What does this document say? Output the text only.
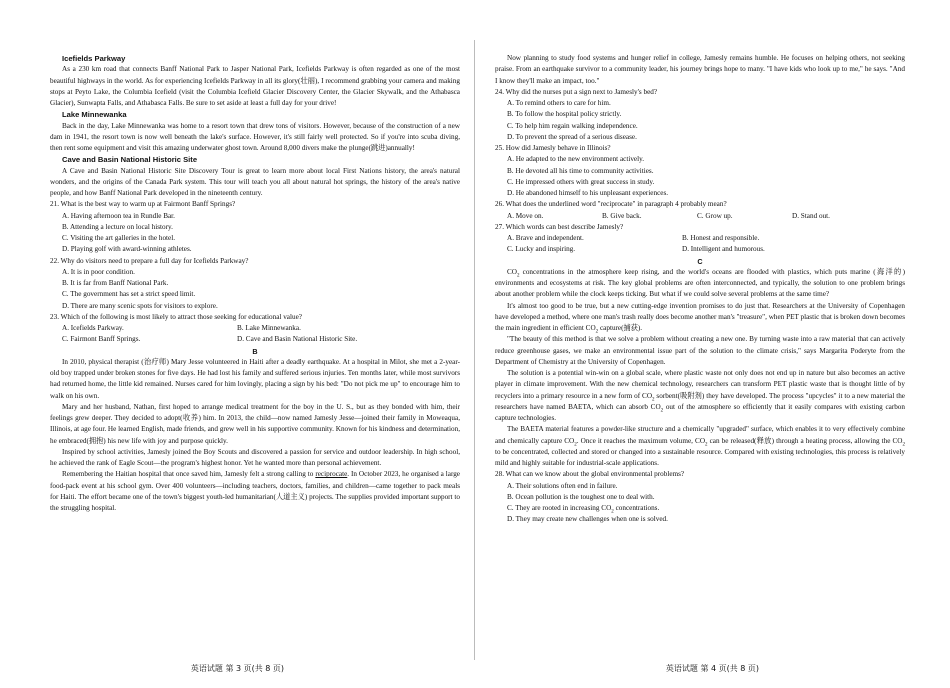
Icefields Parkway
As a 230 km road that connects Banff National Park to Jasper National Park, Icefields Parkway is often regarded as one of the most beautiful highways in the world. As for experiencing Icefields Parkway in all its glory(壮丽), I recommend grabbing your camera and making stops at Peyto Lake, the Columbia Icefield (visit the Columbia Icefield Glacier Discovery Center, the Glacier Skywalk, and the Athabasca Glacier), Sunwapta Falls, and Athabasca Falls. Be sure to set aside at least a full day for your drive!
Lake Minnewanka
Back in the day, Lake Minnewanka was home to a resort town that drew tons of visitors. However, because of the construction of a new dam in 1941, the resort town is now well beneath the lake's surface. However, it's still fairly well protected. So if you're into scuba diving, then rent some equipment and visit this amazing underwater ghost town. Around 8,000 divers make the plunge(跳进)annually!
Cave and Basin National Historic Site
A Cave and Basin National Historic Site Discovery Tour is great to learn more about local First Nations history, the area's natural wonders, and the origins of the Canada Park system. This tour will teach you all about natural hot springs, the history of the area's native people, and how Banff National Park developed in the nineteenth century.
21. What is the best way to warm up at Fairmont Banff Springs?
A. Having afternoon tea in Rundle Bar.
B. Attending a lecture on local history.
C. Visiting the art galleries in the hotel.
D. Playing golf with award-winning athletes.
22. Why do visitors need to prepare a full day for Icefields Parkway?
A. It is in poor condition.
B. It is far from Banff National Park.
C. The government has set a strict speed limit.
D. There are many scenic spots for visitors to explore.
23. Which of the following is most likely to attract those seeking for educational value?
A. Icefields Parkway.	B. Lake Minnewanka.
C. Fairmont Banff Springs.	D. Cave and Basin National Historic Site.
B
In 2010, physical therapist (治疗师) Mary Jesse volunteered in Haiti after a deadly earthquake. At a hospital in Milot, she met a 2-year-old boy trapped under broken stones for five days. He had lost his family and suffered serious injuries. Ten months later, while most survivors had returned home, the little kid remained. Nurses cared for him lovingly, placing a sign by his bed: "Do not pick me up" to encourage him to walk on his own.
Mary and her husband, Nathan, first hoped to arrange medical treatment for the boy in the U. S., but as they bonded with him, their feelings grew deeper. They decided to adopt(收养) him. In 2013, the child—now named Jamesly Jesse—joined their family in Moweaqua, Illinois, at age four. He learned English, made friends, and grew well in his supportive community. Known for his kindness and determination, he embraced(拥抱) his new life with joy and purpose quickly.
Inspired by school activities, Jamesly joined the Boy Scouts and discovered a passion for service and outdoor leadership. In high school, he achieved the rank of Eagle Scout—the program's highest honor. Yet he wanted more than personal achievement.
Remembering the Haitian hospital that once saved him, Jamesly felt a strong calling to reciprocate. In October 2023, he organised a large food-pack event at his school gym. Over 400 volunteers—including teachers, doctors, families, and children—came together to pack meals for Haiti. The effort became one of the town's biggest youth-led humanitarian(人道主义) projects. The supplies provided important support to the struggling hospital.
英语试题 第 3 页(共 8 页)
Now planning to study food systems and hunger relief in college, Jamesly remains humble. He focuses on helping others, not seeking praise. From an earthquake survivor to a community leader, his journey brings hope to many. "I have kids who look up to me," he says. "And I know they'll make an impact, too."
24. Why did the nurses put a sign next to Jamesly's bed?
A. To remind others to care for him.
B. To follow the hospital policy strictly.
C. To help him regain walking independence.
D. To prevent the spread of a serious disease.
25. How did Jamesly behave in Illinois?
A. He adapted to the new environment actively.
B. He devoted all his time to community activities.
C. He impressed others with great success in study.
D. He abandoned himself to his unpleasant experiences.
26. What does the underlined word "reciprocate" in paragraph 4 probably mean?
A. Move on.	B. Give back.	C. Grow up.	D. Stand out.
27. Which words can best describe Jamesly?
A. Brave and independent.	B. Honest and responsible.
C. Lucky and inspiring.	D. Intelligent and humorous.
C
$CO_2$ concentrations in the atmosphere keep rising, and the world's oceans are flooded with plastics, which puts marine (海洋的) environments and ecosystems at risk. The key global problems are often interconnected, and typically, the solution to one problem brings about another problem while the clock keeps ticking. But what if we could solve several problems at the same time?
It's almost too good to be true, but a new cutting-edge invention promises to do just that. Researchers at the University of Copenhagen have developed a method, where one man's trash really does become another man's "treasure", when PET plastic that is broken down becomes the main ingredient in efficient $CO_2$ capture(捕获).
"The beauty of this method is that we solve a problem without creating a new one. By turning waste into a raw material that can actively reduce greenhouse gases, we make an environmental issue part of the solution to the climate crisis," says Margarita Poderyte from the Department of Chemistry at the University of Copenhagen.
The solution is a potential win-win on a global scale, where plastic waste not only does not end up in nature but also becomes an active player in climate improvement. With the new chemical technology, researchers can transform PET plastic waste that is thought little of by recyclers into a primary resource in a new form of $CO_2$ sorbent(吸附剂) they have developed. The process "upcycles" it to a new material the researchers have named BAETA, which can absorb $CO_2$ out of the atmosphere so efficiently that it easily compares with existing carbon capture technologies.
The BAETA material features a powder-like structure and a chemically "upgraded" surface, which enables it to very effectively combine and chemically capture $CO_2$. Once it reaches the maximum volume, $CO_2$ can be released(释放) through a heating process, allowing the $CO_2$ to be concentrated, collected and stored or changed into a sustainable resource. Compared with existing technologies, this process is relatively mild and highly suitable for industrial-scale applications.
28. What can we know about the global environmental problems?
A. Their solutions often end in failure.
B. Ocean pollution is the toughest one to deal with.
C. They are rooted in increasing $CO_2$ concentrations.
D. They may create new challenges when one is solved.
英语试题 第 4 页(共 8 页)
